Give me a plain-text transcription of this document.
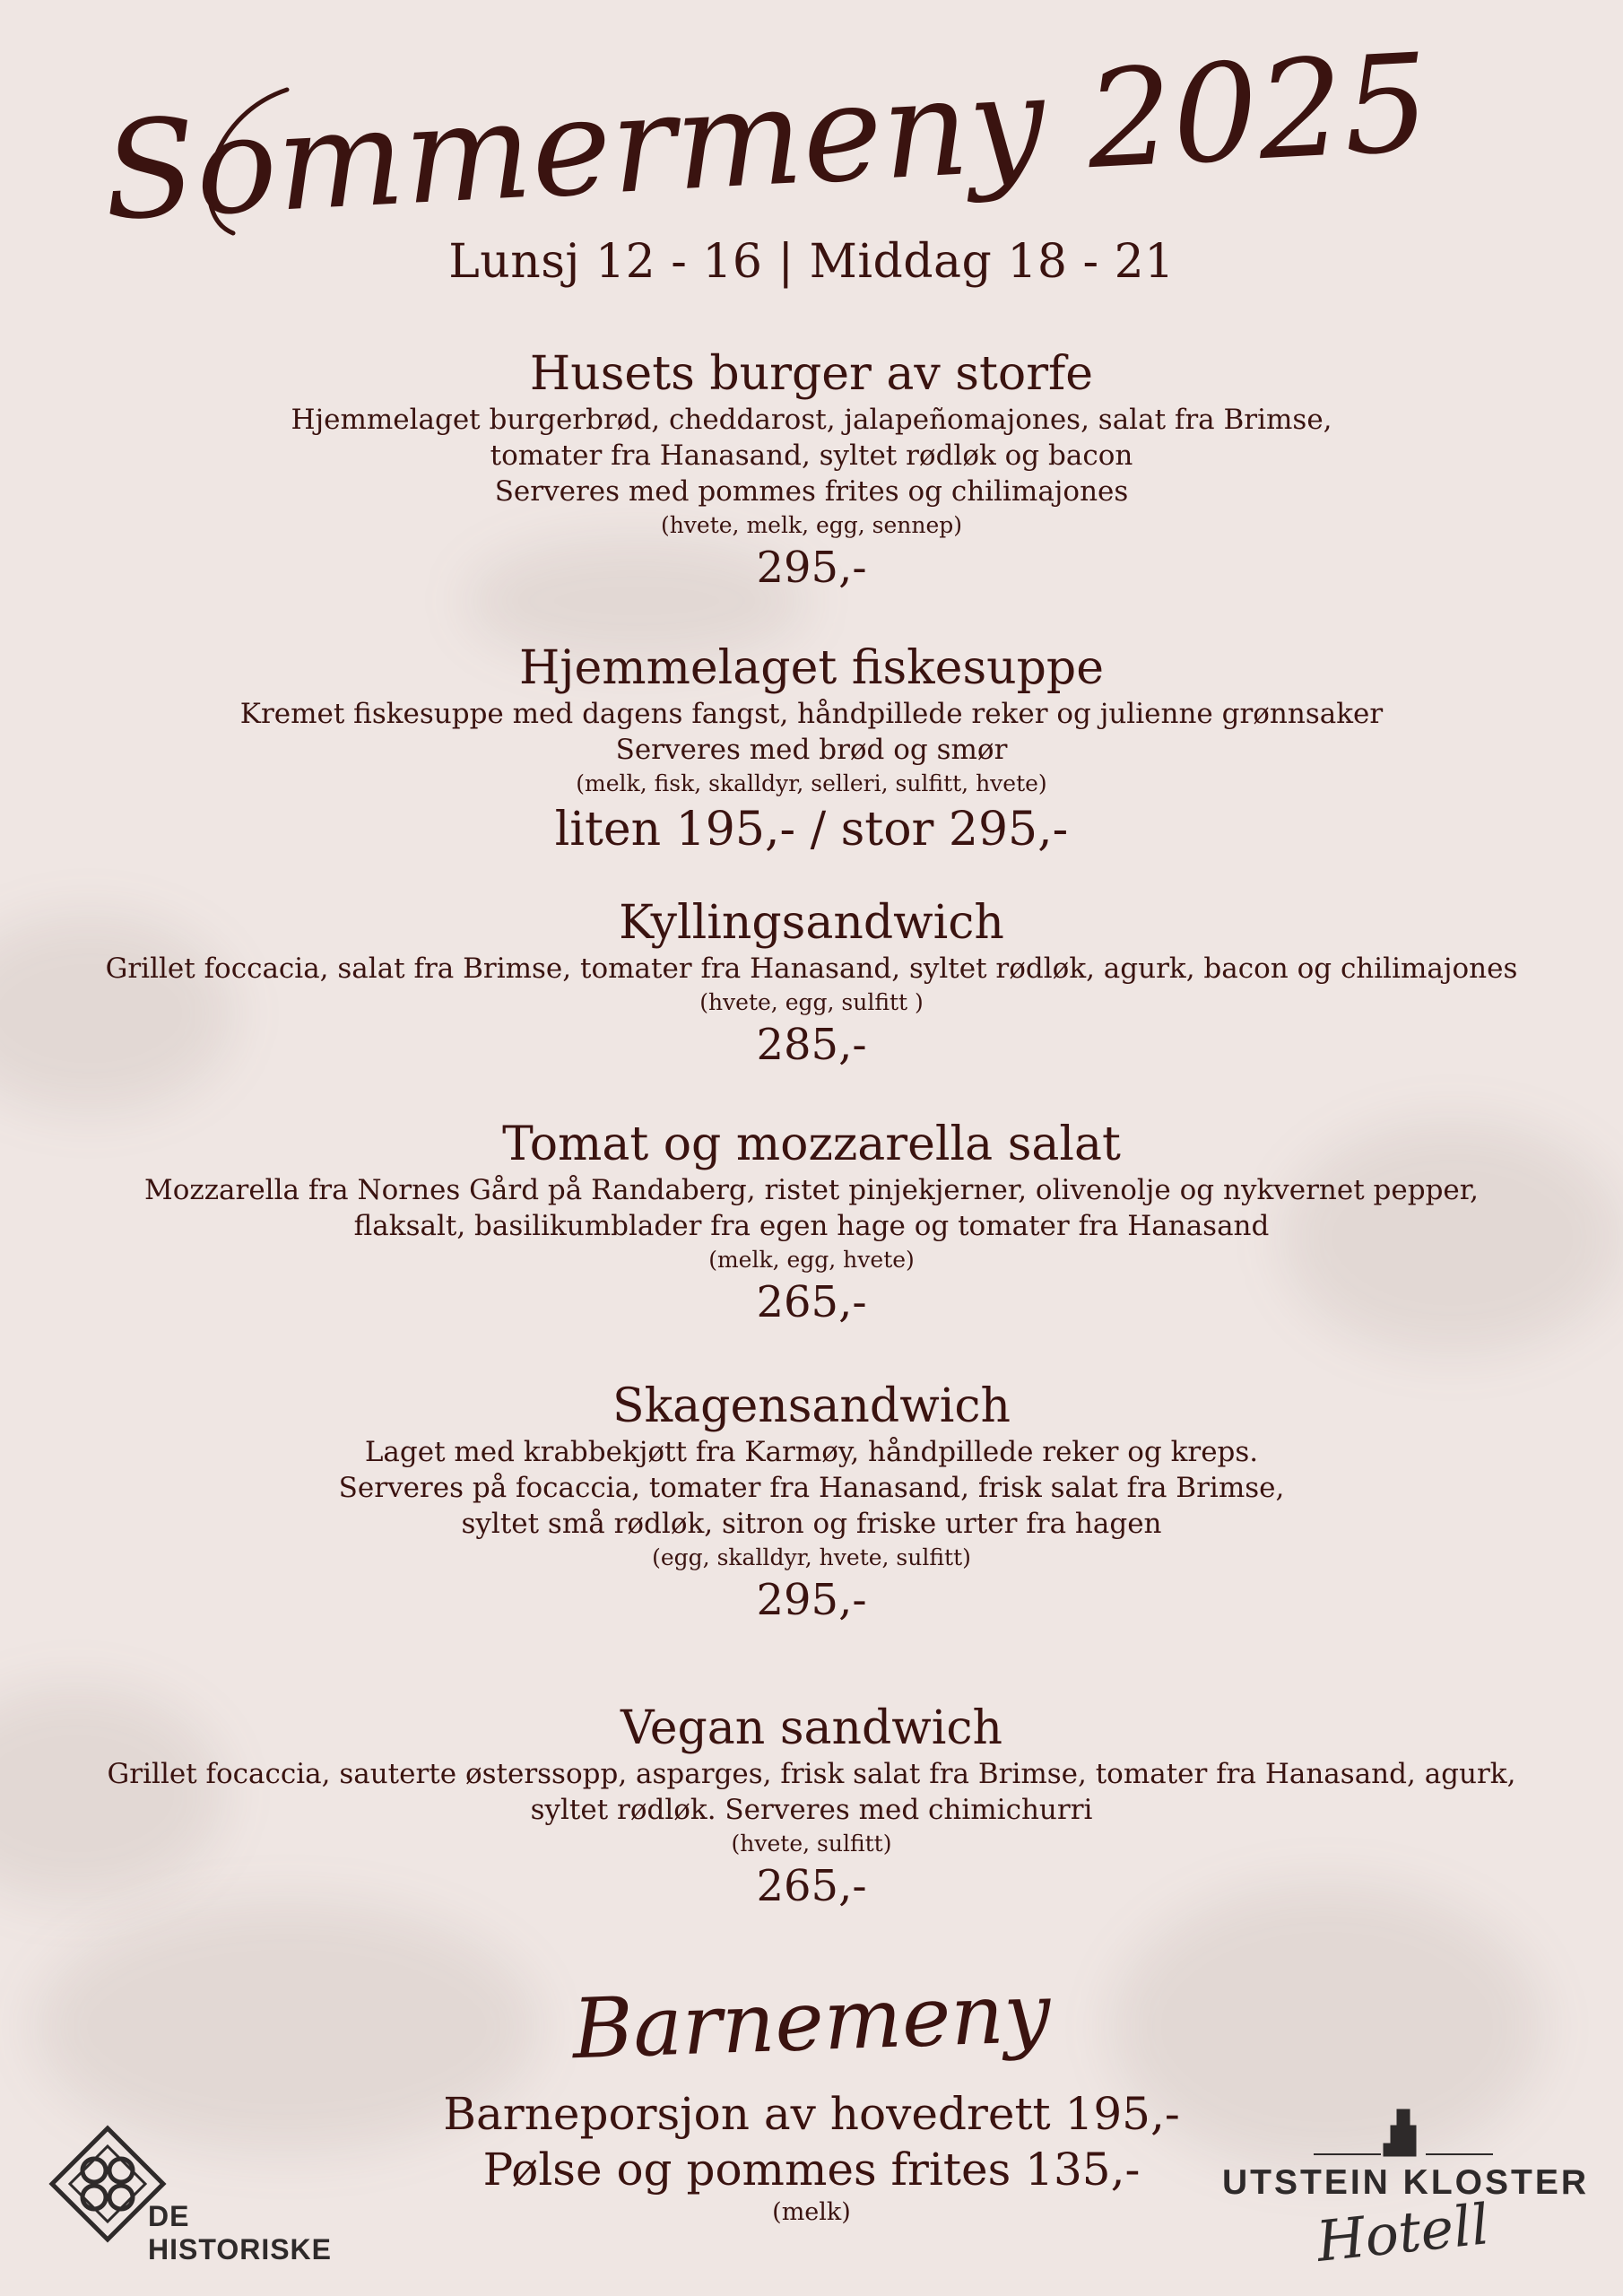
Sommermeny 2025
Lunsj 12 - 16 | Middag 18 - 21

Husets burger av storfe

Hjemmelaget burgerbrød, cheddarost, jalapeñomajones, salat fra Brimse,

tomater fra Hanasand, syltet rødløk og bacon

Serveres med pommes frites og chilimajones

(hvete, melk, egg, sennep)

295,-

Hjemmelaget fiskesuppe

Kremet fiskesuppe med dagens fangst, håndpillede reker og julienne grønnsaker

Serveres med brød og smør

(melk, fisk, skalldyr, selleri, sulfitt, hvete)

liten 195,- / stor 295,-

Kyllingsandwich

Grillet foccacia, salat fra Brimse, tomater fra Hanasand, syltet rødløk, agurk, bacon og chilimajones

(hvete, egg, sulfitt )

285,-

Tomat og mozzarella salat

Mozzarella fra Nornes Gård på Randaberg, ristet pinjekjerner, olivenolje og nykvernet pepper,

flaksalt, basilikumblader fra egen hage og tomater fra Hanasand

(melk, egg, hvete)

265,-

Skagensandwich

Laget med krabbekjøtt fra Karmøy, håndpillede reker og kreps.

Serveres på focaccia, tomater fra Hanasand, frisk salat fra Brimse,

syltet små rødløk, sitron og friske urter fra hagen

(egg, skalldyr, hvete, sulfitt)

295,-

Vegan sandwich

Grillet focaccia, sauterte østerssopp, asparges, frisk salat fra Brimse, tomater fra Hanasand, agurk,

syltet rødløk. Serveres med chimichurri

(hvete, sulfitt)

265,-

Barnemeny

Barneporsjon av hovedrett 195,-

Pølse og pommes frites 135,-

(melk)

DE HISTORISKE
UTSTEIN KLOSTER
Hotell
